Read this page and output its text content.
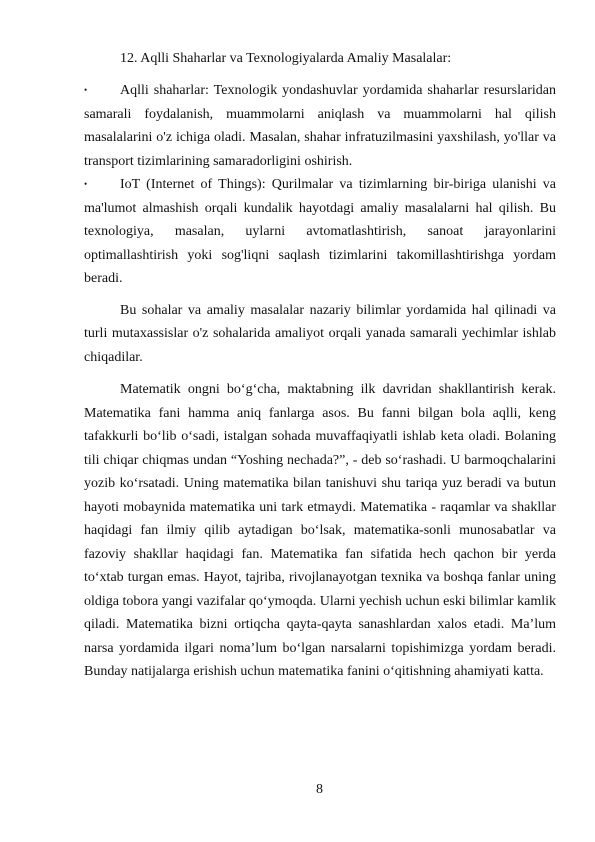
12. Aqlli Shaharlar va Texnologiyalarda Amaliy Masalalar:

•	Aqlli shaharlar: Texnologik yondashuvlar yordamida shaharlar resurslaridan samarali foydalanish, muammolarni aniqlash va muammolarni hal qilish masalalarini o'z ichiga oladi. Masalan, shahar infratuzilmasini yaxshilash, yo'llar va transport tizimlarining samaradorligini oshirish.

•	IoT (Internet of Things): Qurilmalar va tizimlarning bir-biriga ulanishi va ma'lumot almashish orqali kundalik hayotdagi amaliy masalalarni hal qilish. Bu texnologiya, masalan, uylarni avtomatlashtirish, sanoat jarayonlarini optimallashtirish yoki sog'liqni saqlash tizimlarini takomillashtirishga yordam beradi.

Bu sohalar va amaliy masalalar nazariy bilimlar yordamida hal qilinadi va turli mutaxassislar o'z sohalarida amaliyot orqali yanada samarali yechimlar ishlab chiqadilar.

Matematik ongni bo‘g‘cha, maktabning ilk davridan shakllantirish kerak. Matematika fani hamma aniq fanlarga asos. Bu fanni bilgan bola aqlli, keng tafakkurli bo‘lib o‘sadi, istalgan sohada muvaffaqiyatli ishlab keta oladi. Bolaning tili chiqar chiqmas undan “Yoshing nechada?”, - deb so‘rashadi. U barmoqchalarini yozib ko‘rsatadi. Uning matematika bilan tanishuvi shu tariqa yuz beradi va butun hayoti mobaynida matematika uni tark etmaydi. Matematika - raqamlar va shakllar haqidagi fan ilmiy qilib aytadigan bo‘lsak, matematika-sonli munosabatlar va fazoviy shakllar haqidagi fan. Matematika fan sifatida hech qachon bir yerda to‘xtab turgan emas. Hayot, tajriba, rivojlanayotgan texnika va boshqa fanlar uning oldiga tobora yangi vazifalar qo‘ymoqda. Ularni yechish uchun eski bilimlar kamlik qiladi. Matematika bizni ortiqcha qayta-qayta sanashlardan xalos etadi. Ma’lum narsa yordamida ilgari noma’lum bo‘lgan narsalarni topishimizga yordam beradi. Bunday natijalarga erishish uchun matematika fanini o‘qitishning ahamiyati katta.

8
